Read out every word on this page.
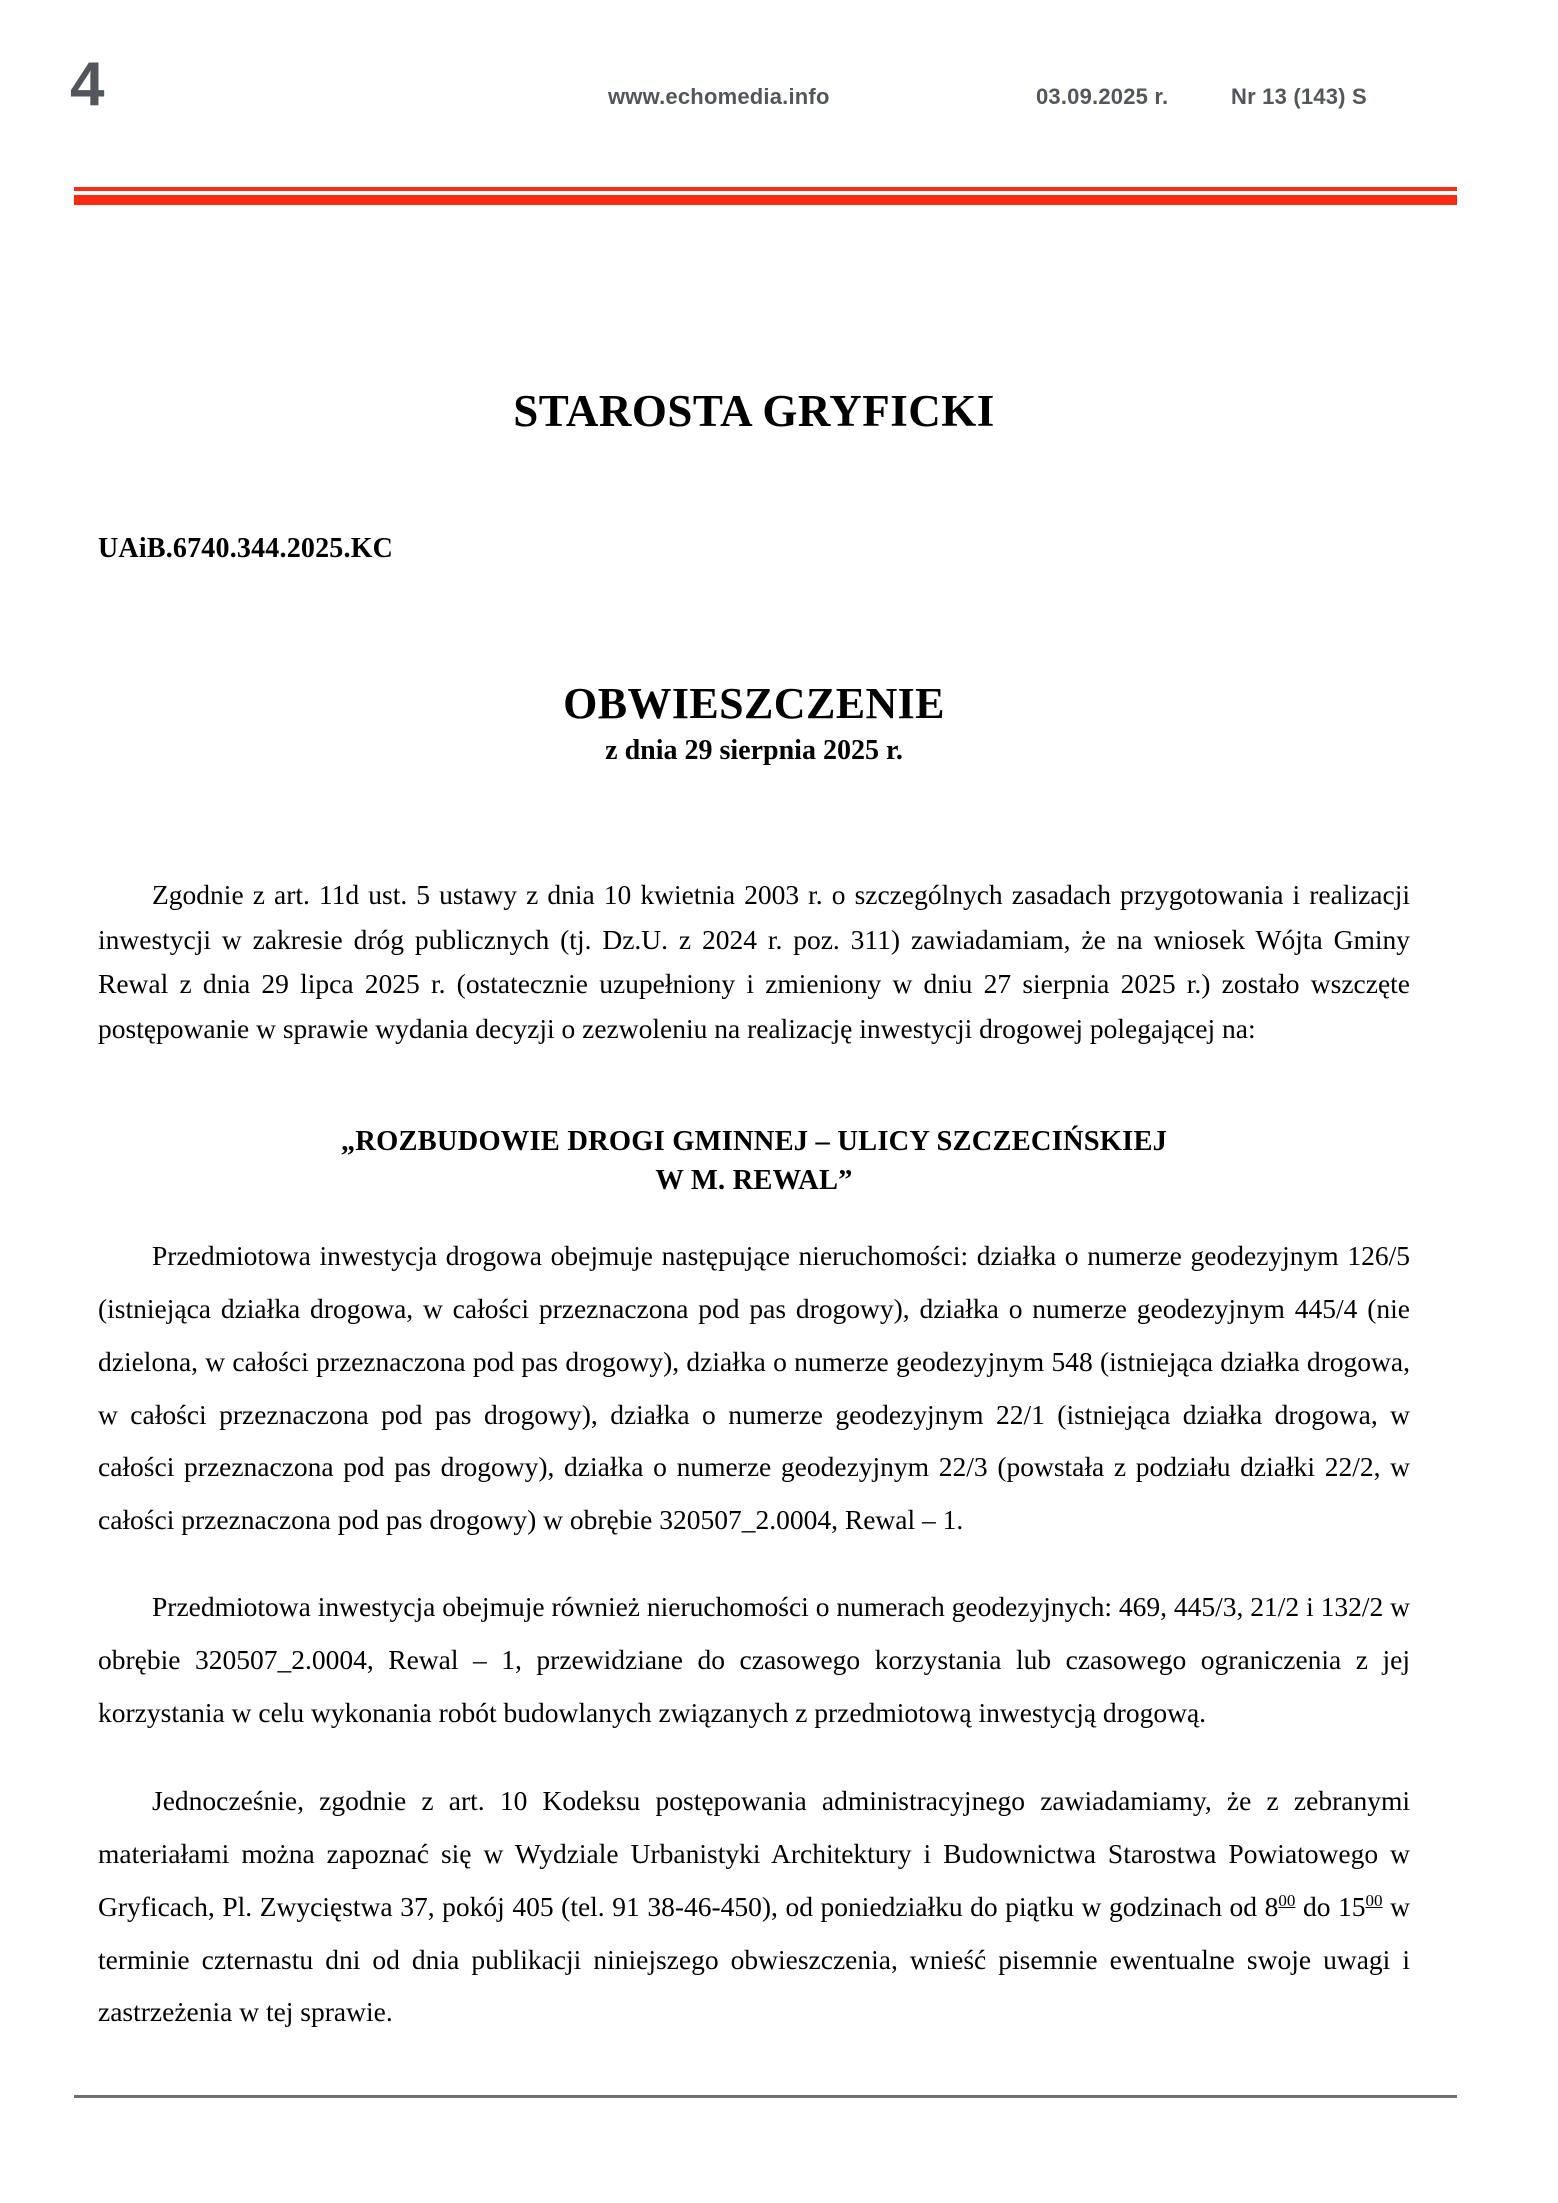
4	www.echomedia.info	03.09.2025 r.	Nr 13 (143) S
STAROSTA GRYFICKI
UAiB.6740.344.2025.KC
OBWIESZCZENIE
z dnia 29 sierpnia 2025 r.

Zgodnie z art. 11d ust. 5 ustawy z dnia 10 kwietnia 2003 r. o szczególnych zasadach przygotowania i realizacji inwestycji w zakresie dróg publicznych (tj. Dz.U. z 2024 r. poz. 311) zawiadamiam, że na wniosek Wójta Gminy Rewal z dnia 29 lipca 2025 r. (ostatecznie uzupełniony i zmieniony w dniu 27 sierpnia 2025 r.) zostało wszczęte postępowanie w sprawie wydania decyzji o zezwoleniu na realizację inwestycji drogowej polegającej na:

„ROZBUDOWIE DROGI GMINNEJ – ULICY SZCZECIŃSKIEJ
W M. REWAL”

Przedmiotowa inwestycja drogowa obejmuje następujące nieruchomości: działka o numerze geodezyjnym 126/5 (istniejąca działka drogowa, w całości przeznaczona pod pas drogowy), działka o numerze geodezyjnym 445/4 (nie dzielona, w całości przeznaczona pod pas drogowy), działka o numerze geodezyjnym 548 (istniejąca działka drogowa, w całości przeznaczona pod pas drogowy), działka o numerze geodezyjnym 22/1 (istniejąca działka drogowa, w całości przeznaczona pod pas drogowy), działka o numerze geodezyjnym 22/3 (powstała z podziału działki 22/2, w całości przeznaczona pod pas drogowy) w obrębie 320507_2.0004, Rewal – 1.

Przedmiotowa inwestycja obejmuje również nieruchomości o numerach geodezyjnych: 469, 445/3, 21/2 i 132/2 w obrębie 320507_2.0004, Rewal – 1, przewidziane do czasowego korzystania lub czasowego ograniczenia z jej korzystania w celu wykonania robót budowlanych związanych z przedmiotową inwestycją drogową.

Jednocześnie, zgodnie z art. 10 Kodeksu postępowania administracyjnego zawiadamiamy, że z zebranymi materiałami można zapoznać się w Wydziale Urbanistyki Architektury i Budownictwa Starostwa Powiatowego w Gryficach, Pl. Zwycięstwa 37, pokój 405 (tel. 91 38-46-450), od poniedziałku do piątku w godzinach od $8^{00}$ do $15^{00}$ w terminie czternastu dni od dnia publikacji niniejszego obwieszczenia, wnieść pisemnie ewentualne swoje uwagi i zastrzeżenia w tej sprawie.
